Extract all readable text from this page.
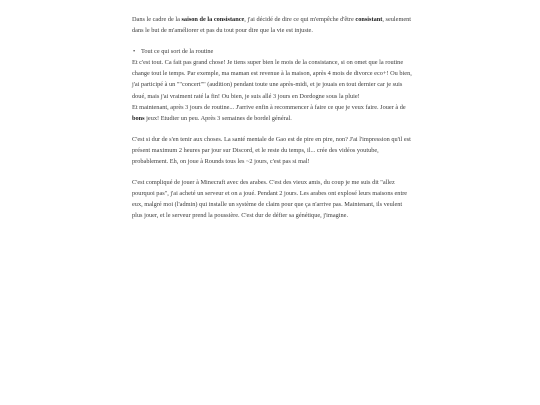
Dans le cadre de la saison de la consistance, j'ai décidé de dire ce qui m'empêche d'être consistant, seulement dans le but de m'améliorer et pas du tout pour dire que la vie est injuste.

• Tout ce qui sort de la routine
Et c'est tout. Ca fait pas grand chose! Je tiens super bien le mois de la consistance, si on omet que la routine change tout le temps. Par exemple, ma maman est revenue à la maison, après 4 mois de divorce eco+! Ou bien, j'ai participé à un ""concert"" (audition) pendant toute une après-midi, et je jouais en tout dernier car je suis doué, mais j'ai vraiment raté la fin! Ou bien, je suis allé 3 jours en Dordogne sous la pluie!
Et maintenant, après 3 jours de routine... J'arrive enfin à recommencer à faire ce que je veux faire. Jouer à de bons jeux! Etudier un peu. Après 3 semaines de bordel général.

C'est si dur de s'en tenir aux choses. La santé mentale de Gao est de pire en pire, non? J'ai l'impression qu'il est présent maximum 2 heures par jour sur Discord, et le reste du temps, il... crée des vidéos youtube, probablement. Eh, on joue à Rounds tous les ~2 jours, c'est pas si mal!

C'est compliqué de jouer à Minecraft avec des arabes. C'est des vieux amis, du coup je me suis dit "allez pourquoi pas", j'ai acheté un serveur et on a joué. Pendant 2 jours. Les arabes ont explosé leurs maisons entre eux, malgré moi (l'admin) qui installe un système de claim pour que ça n'arrive pas. Maintenant, ils veulent plus jouer, et le serveur prend la poussière. C'est dur de défier sa génétique, j'imagine.
